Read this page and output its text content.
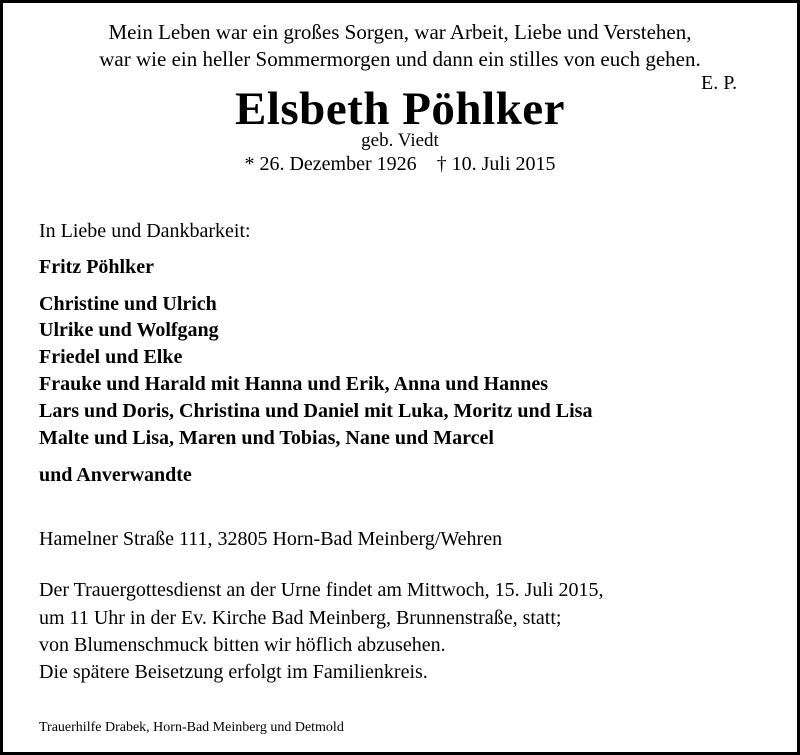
Mein Leben war ein großes Sorgen, war Arbeit, Liebe und Verstehen,
war wie ein heller Sommermorgen und dann ein stilles von euch gehen.
E. P.
Elsbeth Pöhlker
geb. Viedt
* 26. Dezember 1926    † 10. Juli 2015
In Liebe und Dankbarkeit:
Fritz Pöhlker
Christine und Ulrich
Ulrike und Wolfgang
Friedel und Elke
Frauke und Harald mit Hanna und Erik, Anna und Hannes
Lars und Doris, Christina und Daniel mit Luka, Moritz und Lisa
Malte und Lisa, Maren und Tobias, Nane und Marcel
und Anverwandte
Hamelner Straße 111, 32805 Horn-Bad Meinberg/Wehren
Der Trauergottesdienst an der Urne findet am Mittwoch, 15. Juli 2015,
um 11 Uhr in der Ev. Kirche Bad Meinberg, Brunnenstraße, statt;
von Blumenschmuck bitten wir höflich abzusehen.
Die spätere Beisetzung erfolgt im Familienkreis.
Trauerhilfe Drabek, Horn-Bad Meinberg und Detmold
